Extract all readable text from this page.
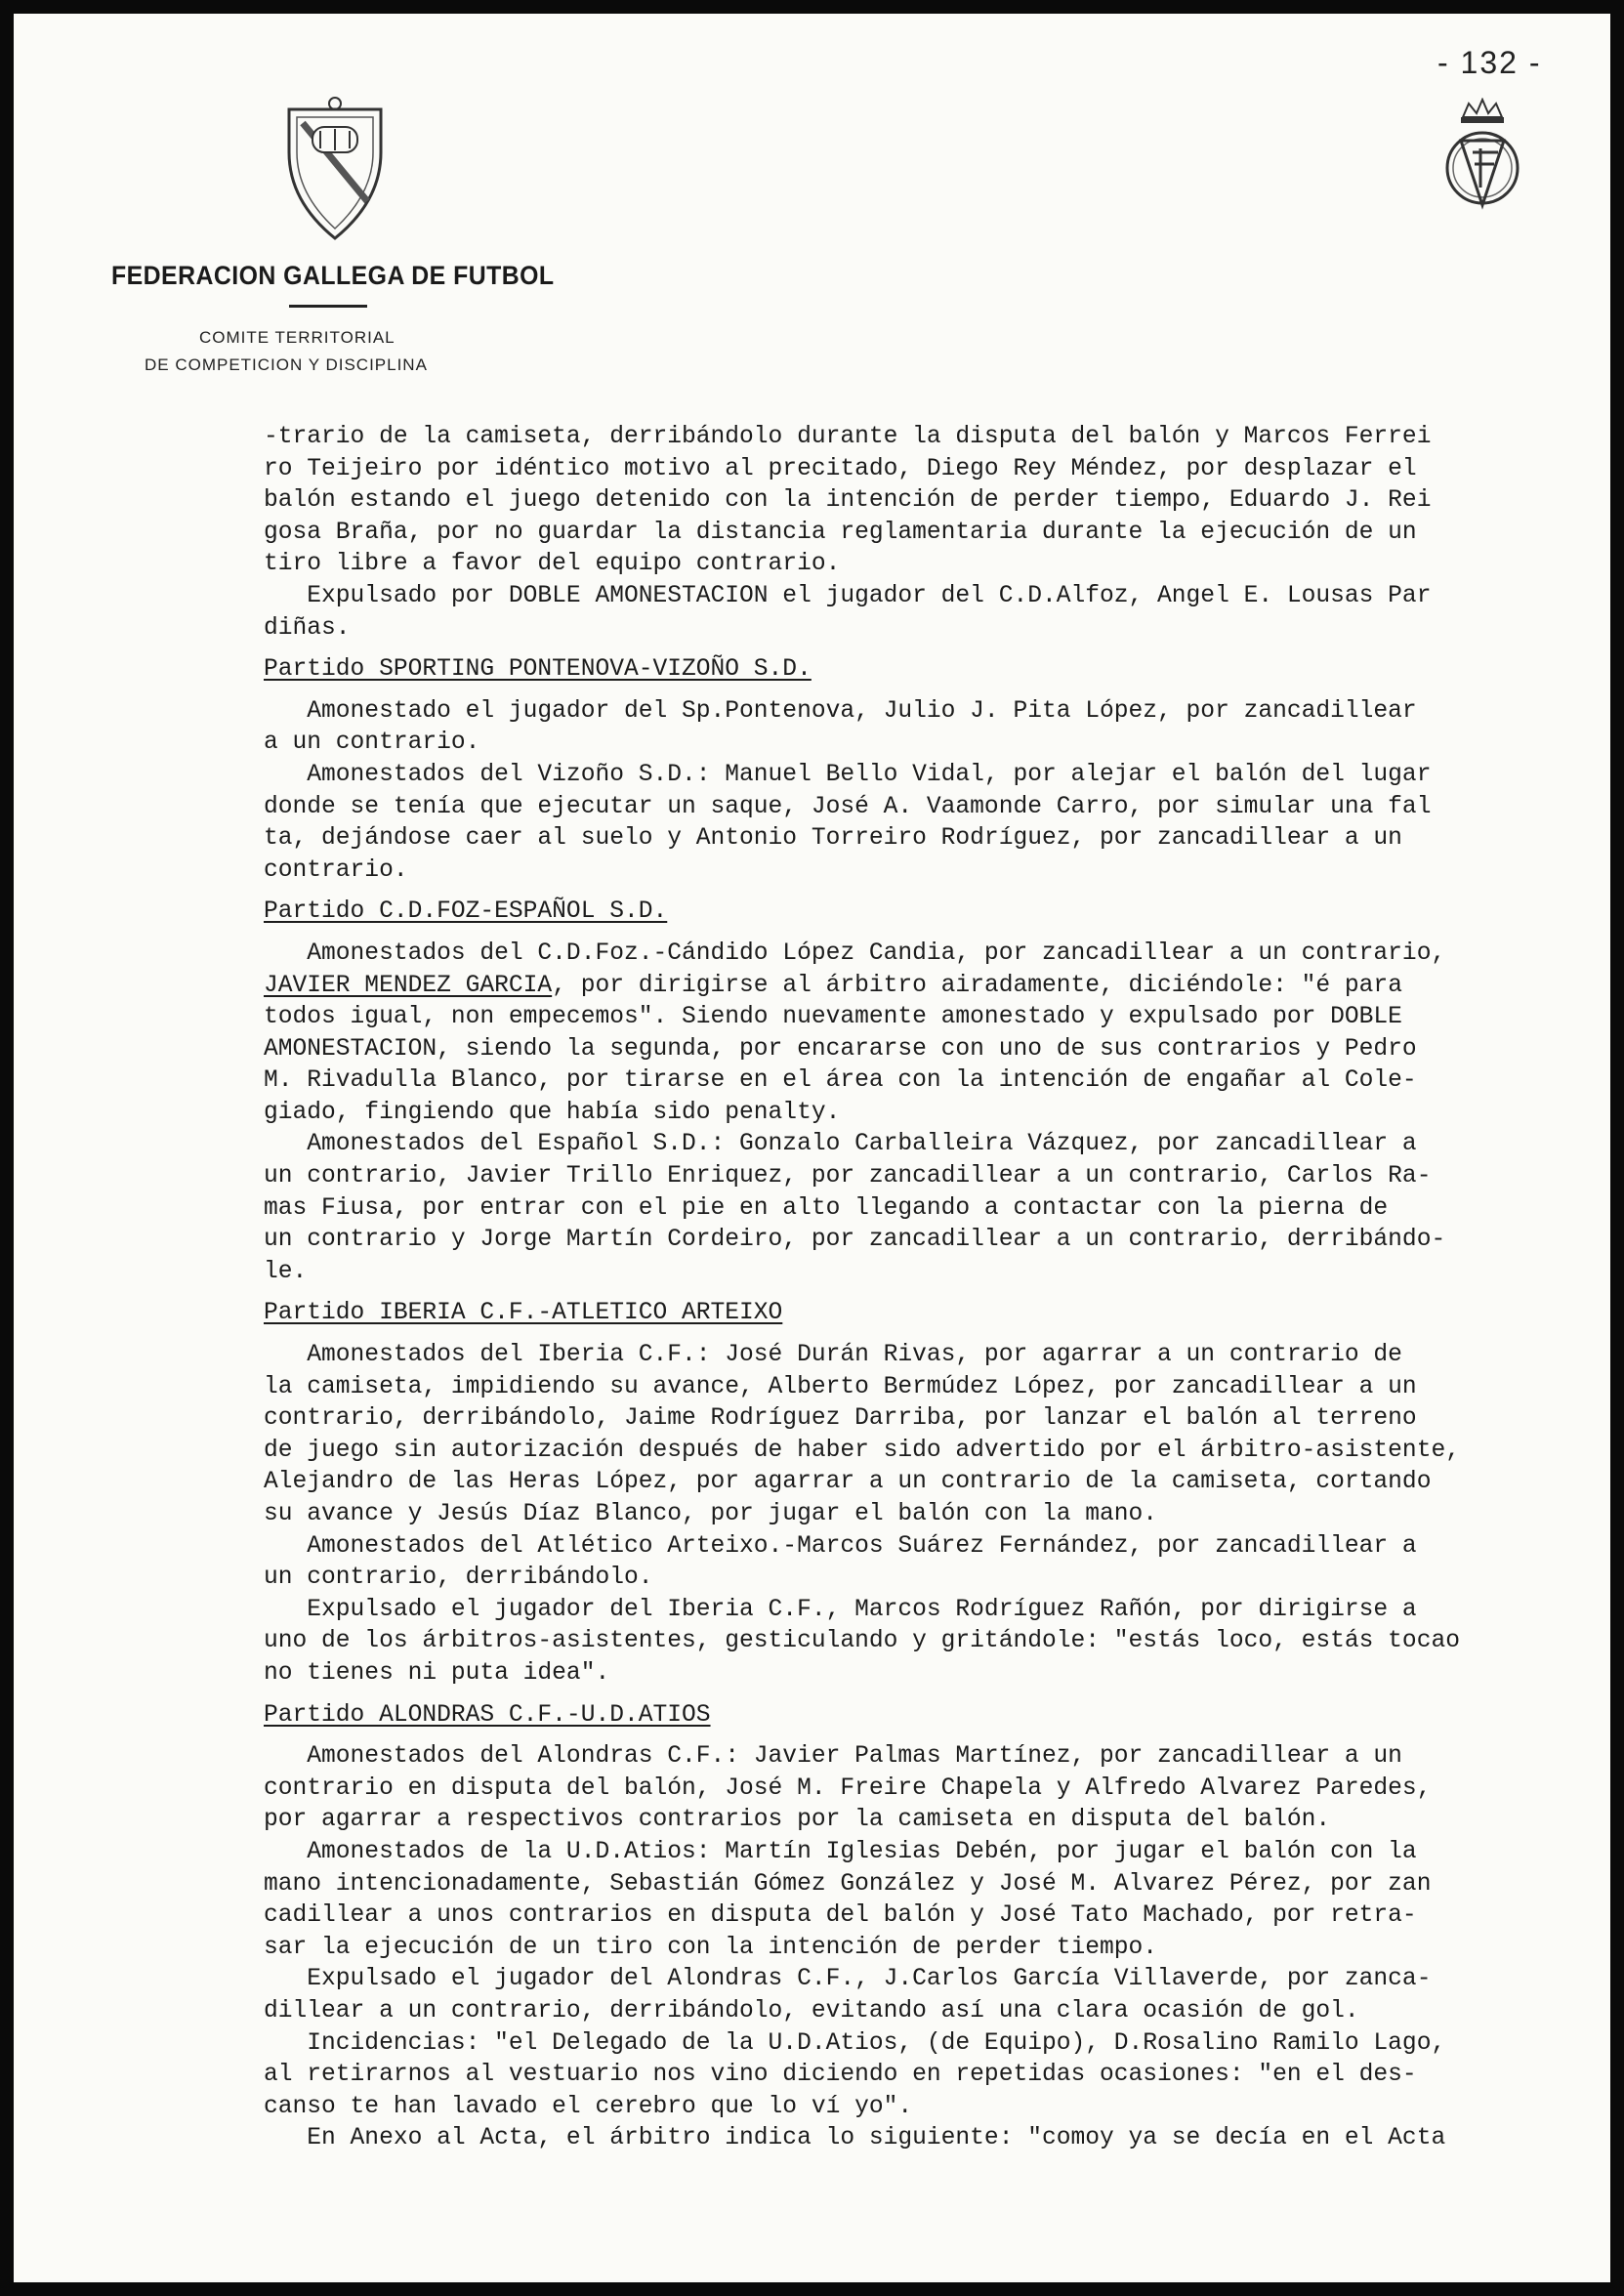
- 132 -
FEDERACION GALLEGA DE FUTBOL
COMITE TERRITORIAL
DE COMPETICION Y DISCIPLINA

-trario de la camiseta, derribándolo durante la disputa del balón y Marcos Ferrei

ro Teijeiro por idéntico motivo al precitado, Diego Rey Méndez, por desplazar el

balón estando el juego detenido con la intención de perder tiempo, Eduardo J. Rei

gosa Braña, por no guardar la distancia reglamentaria durante la ejecución de un

tiro libre a favor del equipo contrario.

Expulsado por DOBLE AMONESTACION el jugador del C.D.Alfoz, Angel E. Lousas Par

diñas.

Partido SPORTING PONTENOVA-VIZOÑO S.D.

Amonestado el jugador del Sp.Pontenova, Julio J. Pita López, por zancadillear

a un contrario.

Amonestados del Vizoño S.D.: Manuel Bello Vidal, por alejar el balón del lugar

donde se tenía que ejecutar un saque, José A. Vaamonde Carro, por simular una fal

ta, dejándose caer al suelo y Antonio Torreiro Rodríguez, por zancadillear a un

contrario.

Partido C.D.FOZ-ESPAÑOL S.D.

Amonestados del C.D.Foz.-Cándido López Candia, por zancadillear a un contrario,

JAVIER MENDEZ GARCIA, por dirigirse al árbitro airadamente, diciéndole: "é para

todos igual, non empecemos". Siendo nuevamente amonestado y expulsado por DOBLE

AMONESTACION, siendo la segunda, por encararse con uno de sus contrarios y Pedro

M. Rivadulla Blanco, por tirarse en el área con la intención de engañar al Cole-

giado, fingiendo que había sido penalty.

Amonestados del Español S.D.: Gonzalo Carballeira Vázquez, por zancadillear a

un contrario, Javier Trillo Enriquez, por zancadillear a un contrario, Carlos Ra-

mas Fiusa, por entrar con el pie en alto llegando a contactar con la pierna de

un contrario y Jorge Martín Cordeiro, por zancadillear a un contrario, derribándo-

le.

Partido IBERIA C.F.-ATLETICO ARTEIXO

Amonestados del Iberia C.F.: José Durán Rivas, por agarrar a un contrario de

la camiseta, impidiendo su avance, Alberto Bermúdez López, por zancadillear a un

contrario, derribándolo, Jaime Rodríguez Darriba, por lanzar el balón al terreno

de juego sin autorización después de haber sido advertido por el árbitro-asistente,

Alejandro de las Heras López, por agarrar a un contrario de la camiseta, cortando

su avance y Jesús Díaz Blanco, por jugar el balón con la mano.

Amonestados del Atlético Arteixo.-Marcos Suárez Fernández, por zancadillear a

un contrario, derribándolo.

Expulsado el jugador del Iberia C.F., Marcos Rodríguez Rañón, por dirigirse a

uno de los árbitros-asistentes, gesticulando y gritándole: "estás loco, estás tocao

no tienes ni puta idea".

Partido ALONDRAS C.F.-U.D.ATIOS

Amonestados del Alondras C.F.: Javier Palmas Martínez, por zancadillear a un

contrario en disputa del balón, José M. Freire Chapela y Alfredo Alvarez Paredes,

por agarrar a respectivos contrarios por la camiseta en disputa del balón.

Amonestados de la U.D.Atios: Martín Iglesias Debén, por jugar el balón con la

mano intencionadamente, Sebastián Gómez González y José M. Alvarez Pérez, por zan

cadillear a unos contrarios en disputa del balón y José Tato Machado, por retra-

sar la ejecución de un tiro con la intención de perder tiempo.

Expulsado el jugador del Alondras C.F., J.Carlos García Villaverde, por zanca-

dillear a un contrario, derribándolo, evitando así una clara ocasión de gol.

Incidencias: "el Delegado de la U.D.Atios, (de Equipo), D.Rosalino Ramilo Lago,

al retirarnos al vestuario nos vino diciendo en repetidas ocasiones: "en el des-

canso te han lavado el cerebro que lo ví yo".

En Anexo al Acta, el árbitro indica lo siguiente: "comoy ya se decía en el Acta
